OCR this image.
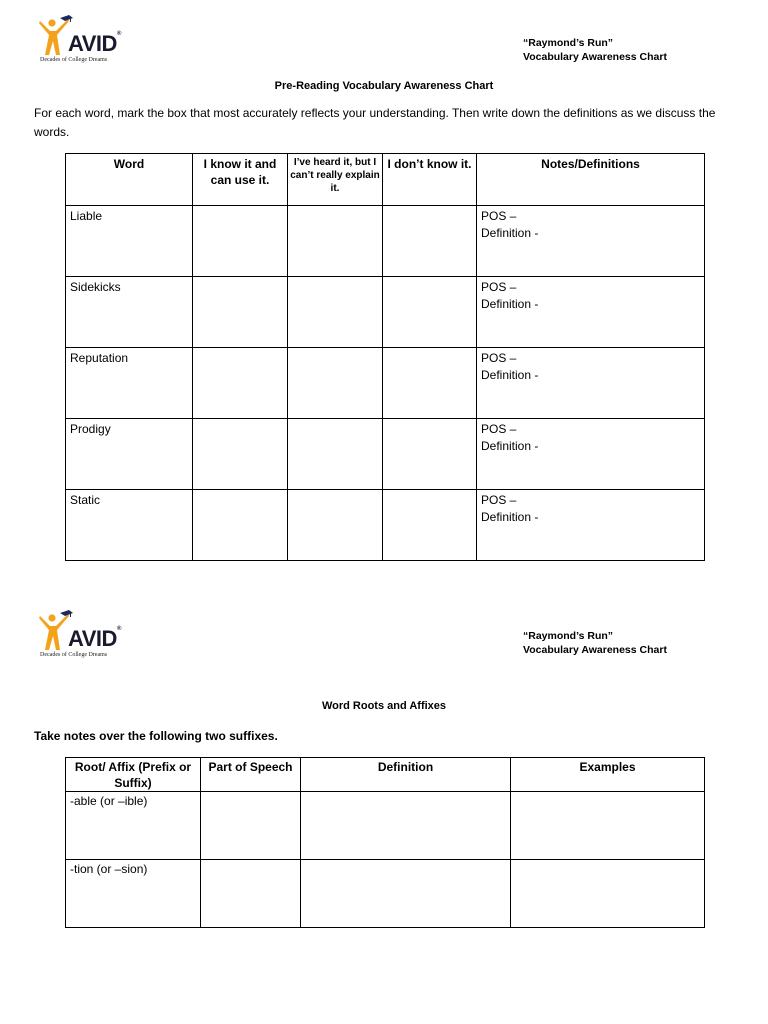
AVID®
Decades of College Dreams
“Raymond’s Run”
Vocabulary Awareness Chart
Pre-Reading Vocabulary Awareness Chart
For each word, mark the box that most accurately reflects your understanding. Then write down the definitions as we discuss the words.
Word	I know it and can use it.	I’ve heard it, but I can’t really explain it.	I don’t know it.	Notes/Definitions
Liable				POS –
Definition -

Sidekicks				POS –
Definition -

Reputation				POS –
Definition -

Prodigy				POS –
Definition -

Static				POS –
Definition -
AVID®
Decades of College Dreams
“Raymond’s Run”
Vocabulary Awareness Chart
Word Roots and Affixes
Take notes over the following two suffixes.
Root/ Affix (Prefix or Suffix)	Part of Speech	Definition	Examples
-able (or –ible)			
-tion (or –sion)			
